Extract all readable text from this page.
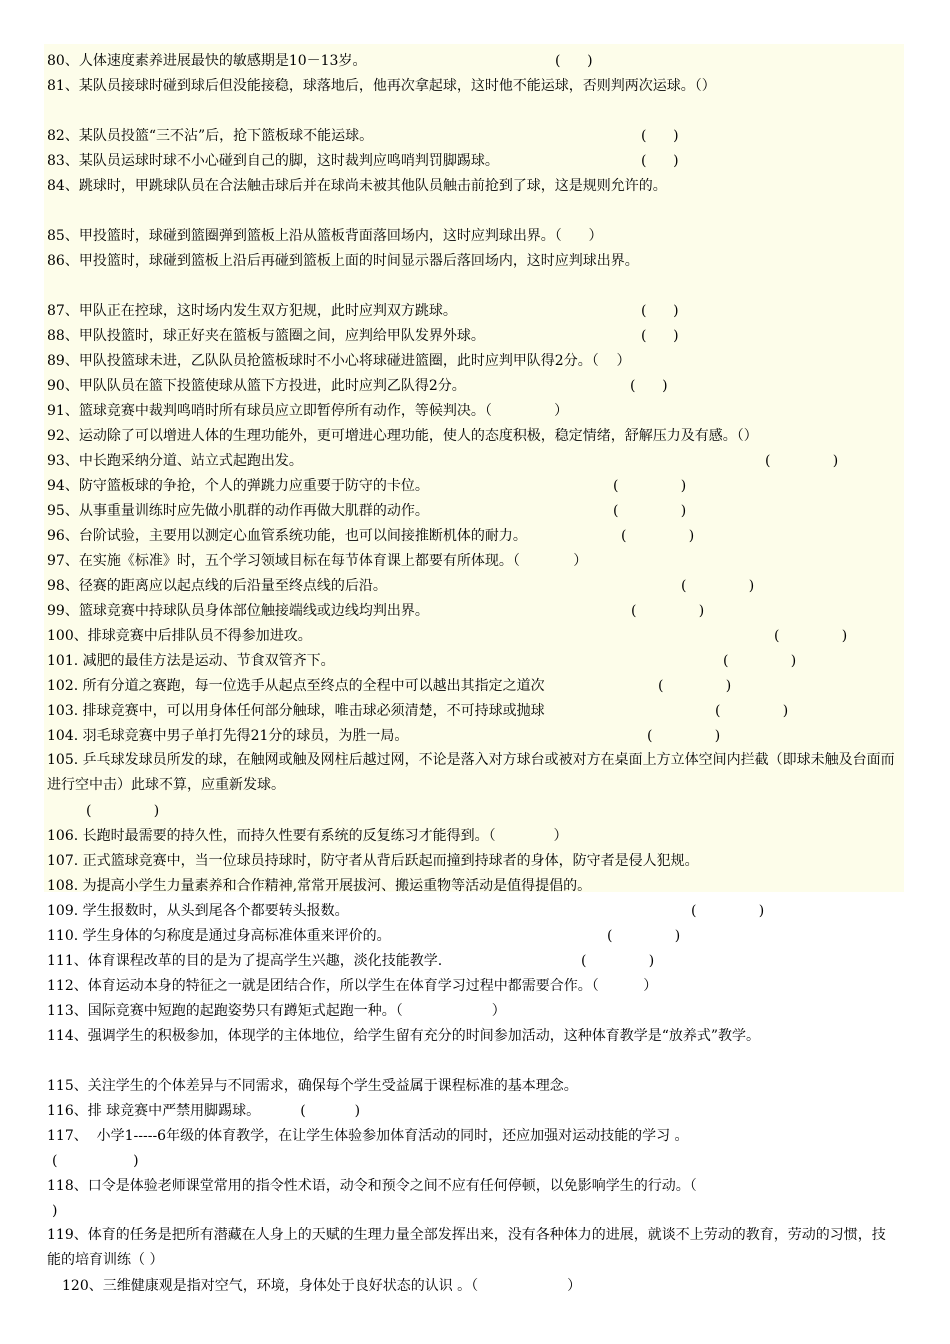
80、人体速度素养进展最快的敏感期是10－13岁。	(      )
81、某队员接球时碰到球后但没能接稳，球落地后，他再次拿起球，这时他不能运球，否则判两次运球。（）
82、某队员投篮“三不沾”后，抢下篮板球不能运球。	(      )
83、某队员运球时球不小心碰到自己的脚，这时裁判应鸣哨判罚脚踢球。	(      )
84、跳球时，甲跳球队员在合法触击球后并在球尚未被其他队员触击前抢到了球，这是规则允许的。
85、甲投篮时，球碰到篮圈弹到篮板上沿从篮板背面落回场内，这时应判球出界。（      ）
86、甲投篮时，球碰到篮板上沿后再碰到篮板上面的时间显示器后落回场内，这时应判球出界。
87、甲队正在控球，这时场内发生双方犯规，此时应判双方跳球。	(      )
88、甲队投篮时，球正好夹在篮板与篮圈之间，应判给甲队发界外球。	(      )
89、甲队投篮球未进，乙队队员抢篮板球时不小心将球碰进篮圈，此时应判甲队得2分。（    ）
90、甲队队员在篮下投篮使球从篮下方投进，此时应判乙队得2分。	(      )
91、篮球竞赛中裁判鸣哨时所有球员应立即暂停所有动作，等候判决。（              ）
92、运动除了可以增进人体的生理功能外，更可增进心理功能，使人的态度积极，稳定情绪，舒解压力及有感。（）
93、中长跑采纳分道、站立式起跑出发。	(              )
94、防守篮板球的争抢，个人的弹跳力应重要于防守的卡位。	(              )
95、从事重量训练时应先做小肌群的动作再做大肌群的动作。	(              )
96、台阶试验，主要用以测定心血管系统功能，也可以间接推断机体的耐力。	(              )
97、在实施《标准》时，五个学习领域目标在每节体育课上都要有所体现。（            ）
98、径赛的距离应以起点线的后沿量至终点线的后沿。	(              )
99、篮球竞赛中持球队员身体部位触接端线或边线均判出界。	(              )
100、排球竞赛中后排队员不得参加进攻。	(              )
101. 减肥的最佳方法是运动、节食双管齐下。	(              )
102. 所有分道之赛跑，每一位选手从起点至终点的全程中可以越出其指定之道次	(              )
103. 排球竞赛中，可以用身体任何部分触球，唯击球必须清楚，不可持球或抛球	(              )
104. 羽毛球竞赛中男子单打先得21分的球员，为胜一局。	(              )
105. 乒乓球发球员所发的球，在触网或触及网柱后越过网，不论是落入对方球台或被对方在桌面上方立体空间内拦截（即球未触及台面而进行空中击）此球不算，应重新发球。
(              )
106. 长跑时最需要的持久性，而持久性要有系统的反复练习才能得到。（             ）
107. 正式篮球竞赛中，当一位球员持球时，防守者从背后跃起而撞到持球者的身体，防守者是侵人犯规。
108. 为提高小学生力量素养和合作精神,常常开展拔河、搬运重物等活动是值得提倡的。
109. 学生报数时，从头到尾各个都要转头报数。	(              )
110. 学生身体的匀称度是通过身高标准体重来评价的。	(              )
111、体育课程改革的目的是为了提高学生兴趣，淡化技能教学.	(              )
112、体育运动本身的特征之一就是团结合作，所以学生在体育学习过程中都需要合作。（          ）
113、国际竞赛中短跑的起跑姿势只有蹲矩式起跑一种。（                    ）
114、强调学生的积极参加，体现学的主体地位，给学生留有充分的时间参加活动，这种体育教学是“放养式”教学。
115、关注学生的个体差异与不同需求，确保每个学生受益属于课程标准的基本理念。
116、排 球竞赛中严禁用脚踢球。         (           )
117、  小学1-----6年级的体育教学，在让学生体验参加体育活动的同时，还应加强对运动技能的学习 。
(                 )
118、口令是体验老师课堂常用的指令性术语，动令和预令之间不应有任何停顿，以免影响学生的行动。（
)
119、体育的任务是把所有潜藏在人身上的天赋的生理力量全部发挥出来，没有各种体力的进展，就谈不上劳动的教育，劳动的习惯，技能的培育训练（ ）
120、三维健康观是指对空气，环境，身体处于良好状态的认识 。（                    ）
